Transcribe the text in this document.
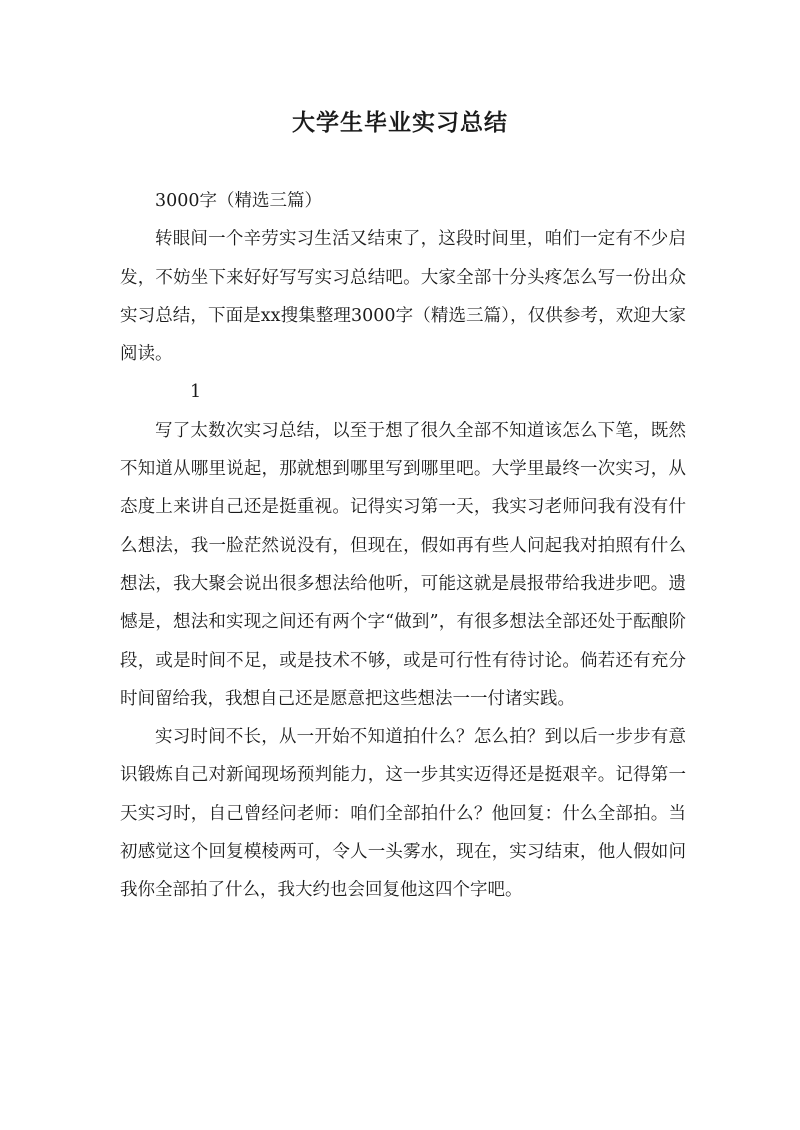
大学生毕业实习总结

3000字（精选三篇）

转眼间一个辛劳实习生活又结束了，这段时间里，咱们一定有不少启发，不妨坐下来好好写写实习总结吧。大家全部十分头疼怎么写一份出众实习总结，下面是xx搜集整理3000字（精选三篇），仅供参考，欢迎大家阅读。

1

写了太数次实习总结，以至于想了很久全部不知道该怎么下笔，既然不知道从哪里说起，那就想到哪里写到哪里吧。大学里最终一次实习，从态度上来讲自己还是挺重视。记得实习第一天，我实习老师问我有没有什么想法，我一脸茫然说没有，但现在，假如再有些人问起我对拍照有什么想法，我大聚会说出很多想法给他听，可能这就是晨报带给我进步吧。遗憾是，想法和实现之间还有两个字“做到”，有很多想法全部还处于酝酿阶段，或是时间不足，或是技术不够，或是可行性有待讨论。倘若还有充分时间留给我，我想自己还是愿意把这些想法一一付诸实践。

实习时间不长，从一开始不知道拍什么？怎么拍？到以后一步步有意识锻炼自己对新闻现场预判能力，这一步其实迈得还是挺艰辛。记得第一天实习时，自己曾经问老师：咱们全部拍什么？他回复：什么全部拍。当初感觉这个回复模棱两可，令人一头雾水，现在，实习结束，他人假如问我你全部拍了什么，我大约也会回复他这四个字吧。
